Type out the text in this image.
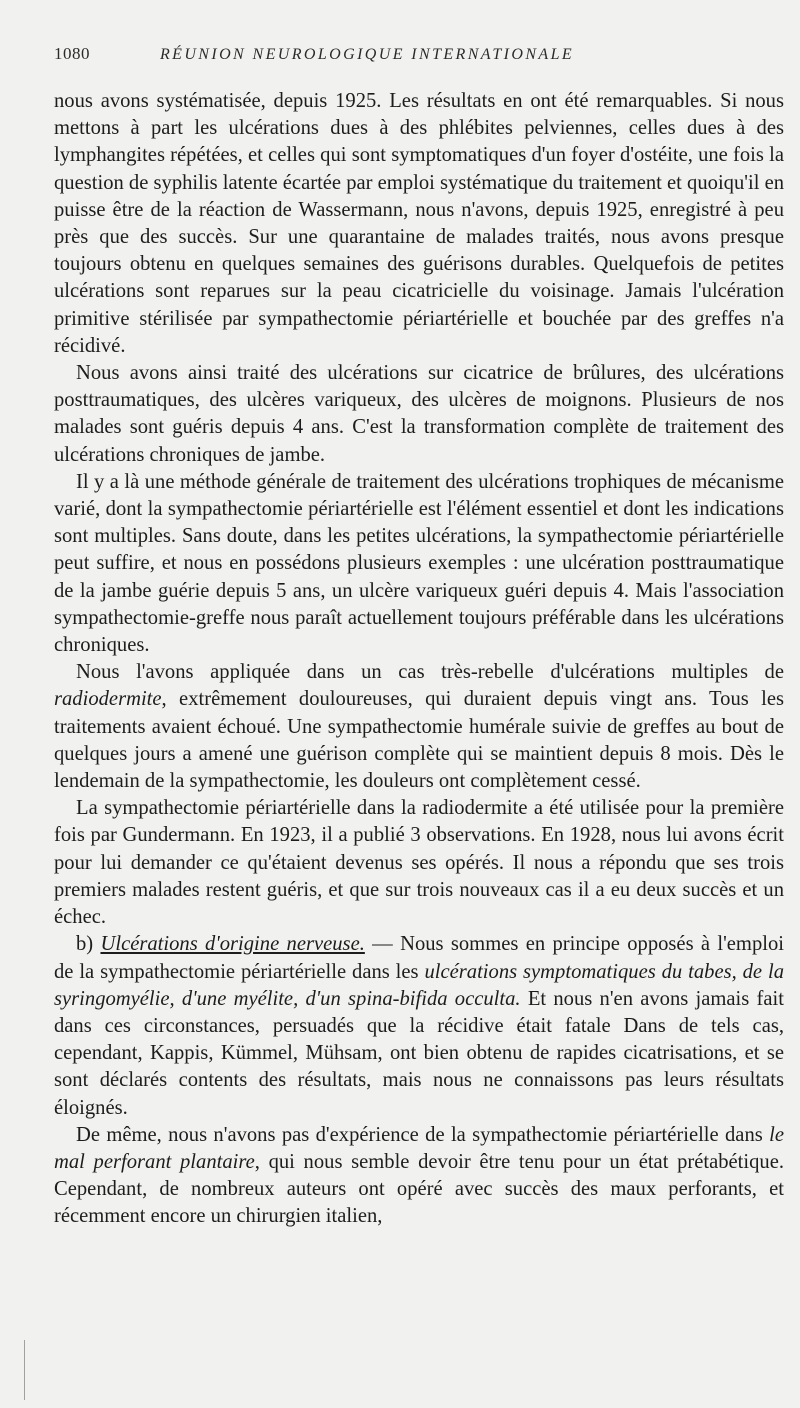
1080	RÉUNION NEUROLOGIQUE INTERNATIONALE

nous avons systématisée, depuis 1925. Les résultats en ont été remarquables. Si nous mettons à part les ulcérations dues à des phlébites pelviennes, celles dues à des lymphangites répétées, et celles qui sont symptomatiques d'un foyer d'ostéite, une fois la question de syphilis latente écartée par emploi systématique du traitement et quoiqu'il en puisse être de la réaction de Wassermann, nous n'avons, depuis 1925, enregistré à peu près que des succès. Sur une quarantaine de malades traités, nous avons presque toujours obtenu en quelques semaines des guérisons durables. Quelquefois de petites ulcérations sont reparues sur la peau cicatricielle du voisinage. Jamais l'ulcération primitive stérilisée par sympathectomie périartérielle et bouchée par des greffes n'a récidivé.

Nous avons ainsi traité des ulcérations sur cicatrice de brûlures, des ulcérations posttraumatiques, des ulcères variqueux, des ulcères de moignons. Plusieurs de nos malades sont guéris depuis 4 ans. C'est la transformation complète de traitement des ulcérations chroniques de jambe.

Il y a là une méthode générale de traitement des ulcérations trophiques de mécanisme varié, dont la sympathectomie périartérielle est l'élément essentiel et dont les indications sont multiples. Sans doute, dans les petites ulcérations, la sympathectomie périartérielle peut suffire, et nous en possédons plusieurs exemples : une ulcération posttraumatique de la jambe guérie depuis 5 ans, un ulcère variqueux guéri depuis 4. Mais l'association sympathectomie-greffe nous paraît actuellement toujours préférable dans les ulcérations chroniques.

Nous l'avons appliquée dans un cas très-rebelle d'ulcérations multiples de radiodermite, extrêmement douloureuses, qui duraient depuis vingt ans. Tous les traitements avaient échoué. Une sympathectomie humérale suivie de greffes au bout de quelques jours a amené une guérison complète qui se maintient depuis 8 mois. Dès le lendemain de la sympathectomie, les douleurs ont complètement cessé.

La sympathectomie périartérielle dans la radiodermite a été utilisée pour la première fois par Gundermann. En 1923, il a publié 3 observations. En 1928, nous lui avons écrit pour lui demander ce qu'étaient devenus ses opérés. Il nous a répondu que ses trois premiers malades restent guéris, et que sur trois nouveaux cas il a eu deux succès et un échec.

b) Ulcérations d'origine nerveuse. — Nous sommes en principe opposés à l'emploi de la sympathectomie périartérielle dans les ulcérations symptomatiques du tabes, de la syringomyélie, d'une myélite, d'un spina-bifida occulta. Et nous n'en avons jamais fait dans ces circonstances, persuadés que la récidive était fatale Dans de tels cas, cependant, Kappis, Kümmel, Mühsam, ont bien obtenu de rapides cicatrisations, et se sont déclarés contents des résultats, mais nous ne connaissons pas leurs résultats éloignés.

De même, nous n'avons pas d'expérience de la sympathectomie périartérielle dans le mal perforant plantaire, qui nous semble devoir être tenu pour un état prétabétique. Cependant, de nombreux auteurs ont opéré avec succès des maux perforants, et récemment encore un chirurgien italien,
